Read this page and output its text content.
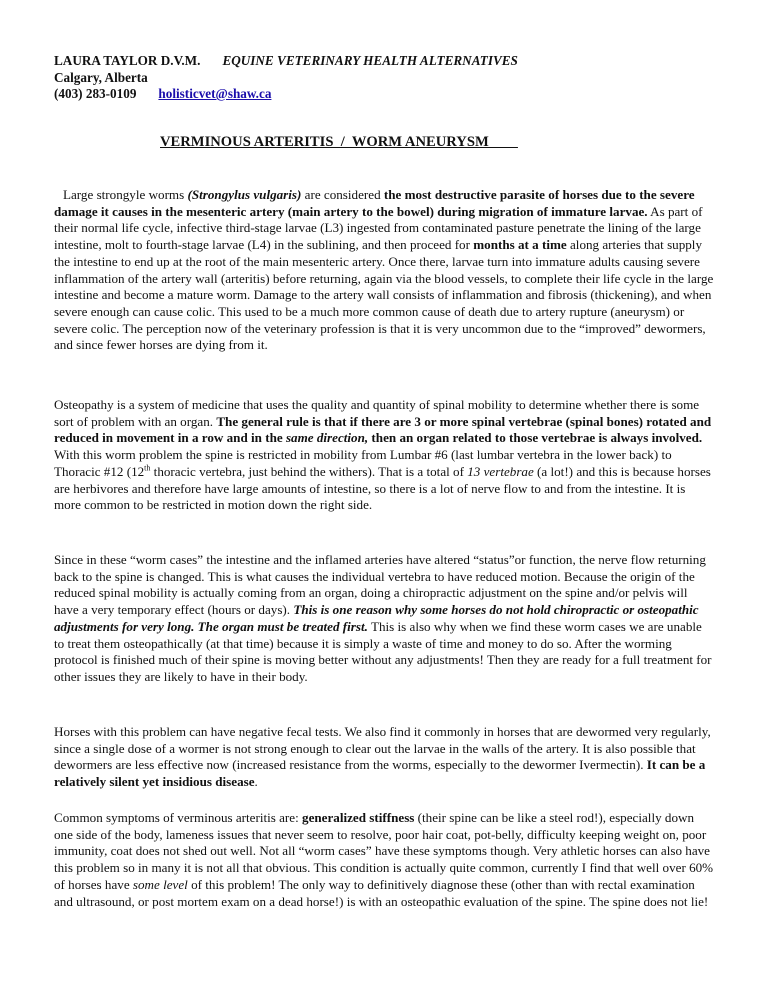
LAURA TAYLOR D.V.M. EQUINE VETERINARY HEALTH ALTERNATIVES
Calgary, Alberta
(403) 283-0109 holisticvet@shaw.ca
VERMINOUS ARTERITIS  /  WORM ANEURYSM

Large strongyle worms (Strongylus vulgaris) are considered the most destructive parasite of horses due to the severe damage it causes in the mesenteric artery (main artery to the bowel) during migration of immature larvae. As part of their normal life cycle, infective third-stage larvae (L3) ingested from contaminated pasture penetrate the lining of the large intestine, molt to fourth-stage larvae (L4) in the sublining, and then proceed for months at a time along arteries that supply the intestine to end up at the root of the main mesenteric artery. Once there, larvae turn into immature adults causing severe inflammation of the artery wall (arteritis) before returning, again via the blood vessels, to complete their life cycle in the large intestine and become a mature worm. Damage to the artery wall consists of inflammation and fibrosis (thickening), and when severe enough can cause colic. This used to be a much more common cause of death due to artery rupture (aneurysm) or severe colic. The perception now of the veterinary profession is that it is very uncommon due to the “improved” dewormers, and since fewer horses are dying from it.

Osteopathy is a system of medicine that uses the quality and quantity of spinal mobility to determine whether there is some sort of problem with an organ. The general rule is that if there are 3 or more spinal vertebrae (spinal bones) rotated and reduced in movement in a row and in the same direction, then an organ related to those vertebrae is always involved. With this worm problem the spine is restricted in mobility from Lumbar #6 (last lumbar vertebra in the lower back) to Thoracic #12 (12th thoracic vertebra, just behind the withers). That is a total of 13 vertebrae (a lot!) and this is because horses are herbivores and therefore have large amounts of intestine, so there is a lot of nerve flow to and from the intestine. It is more common to be restricted in motion down the right side.

Since in these “worm cases” the intestine and the inflamed arteries have altered “status”or function, the nerve flow returning back to the spine is changed. This is what causes the individual vertebra to have reduced motion. Because the origin of the reduced spinal mobility is actually coming from an organ, doing a chiropractic adjustment on the spine and/or pelvis will have a very temporary effect (hours or days). This is one reason why some horses do not hold chiropractic or osteopathic adjustments for very long. The organ must be treated first. This is also why when we find these worm cases we are unable to treat them osteopathically (at that time) because it is simply a waste of time and money to do so. After the worming protocol is finished much of their spine is moving better without any adjustments! Then they are ready for a full treatment for other issues they are likely to have in their body.

Horses with this problem can have negative fecal tests. We also find it commonly in horses that are dewormed very regularly, since a single dose of a wormer is not strong enough to clear out the larvae in the walls of the artery. It is also possible that dewormers are less effective now (increased resistance from the worms, especially to the dewormer Ivermectin). It can be a relatively silent yet insidious disease.

Common symptoms of verminous arteritis are: generalized stiffness (their spine can be like a steel rod!), especially down one side of the body, lameness issues that never seem to resolve, poor hair coat, pot-belly, difficulty keeping weight on, poor immunity, coat does not shed out well. Not all “worm cases” have these symptoms though. Very athletic horses can also have this problem so in many it is not all that obvious. This condition is actually quite common, currently I find that well over 60% of horses have some level of this problem! The only way to definitively diagnose these (other than with rectal examination and ultrasound, or post mortem exam on a dead horse!) is with an osteopathic evaluation of the spine. The spine does not lie!
